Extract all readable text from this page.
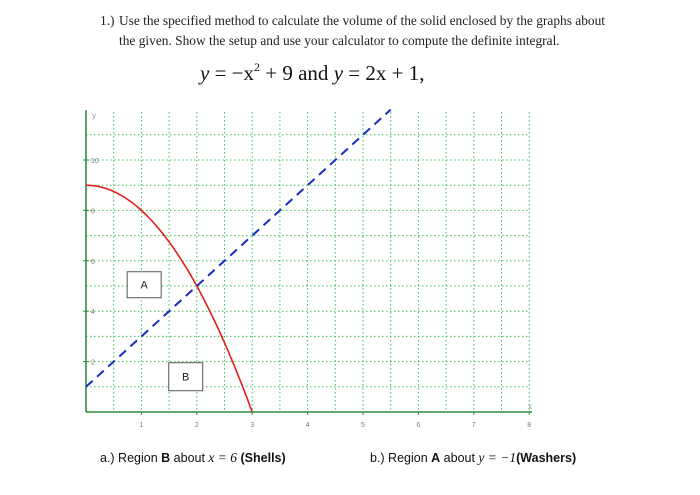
1.) Use the specified method to calculate the volume of the solid enclosed by the graphs about
the given. Show the setup and use your calculator to compute the definite integral.
$y = -x^2 + 9$ and y = 2x + 1,
1	2	3	4	5	6	7	8
2
4
6
8
10
y
x
A
B
a.) Region B about x = 6 (Shells)	b.) Region A about y = −1(Washers)
